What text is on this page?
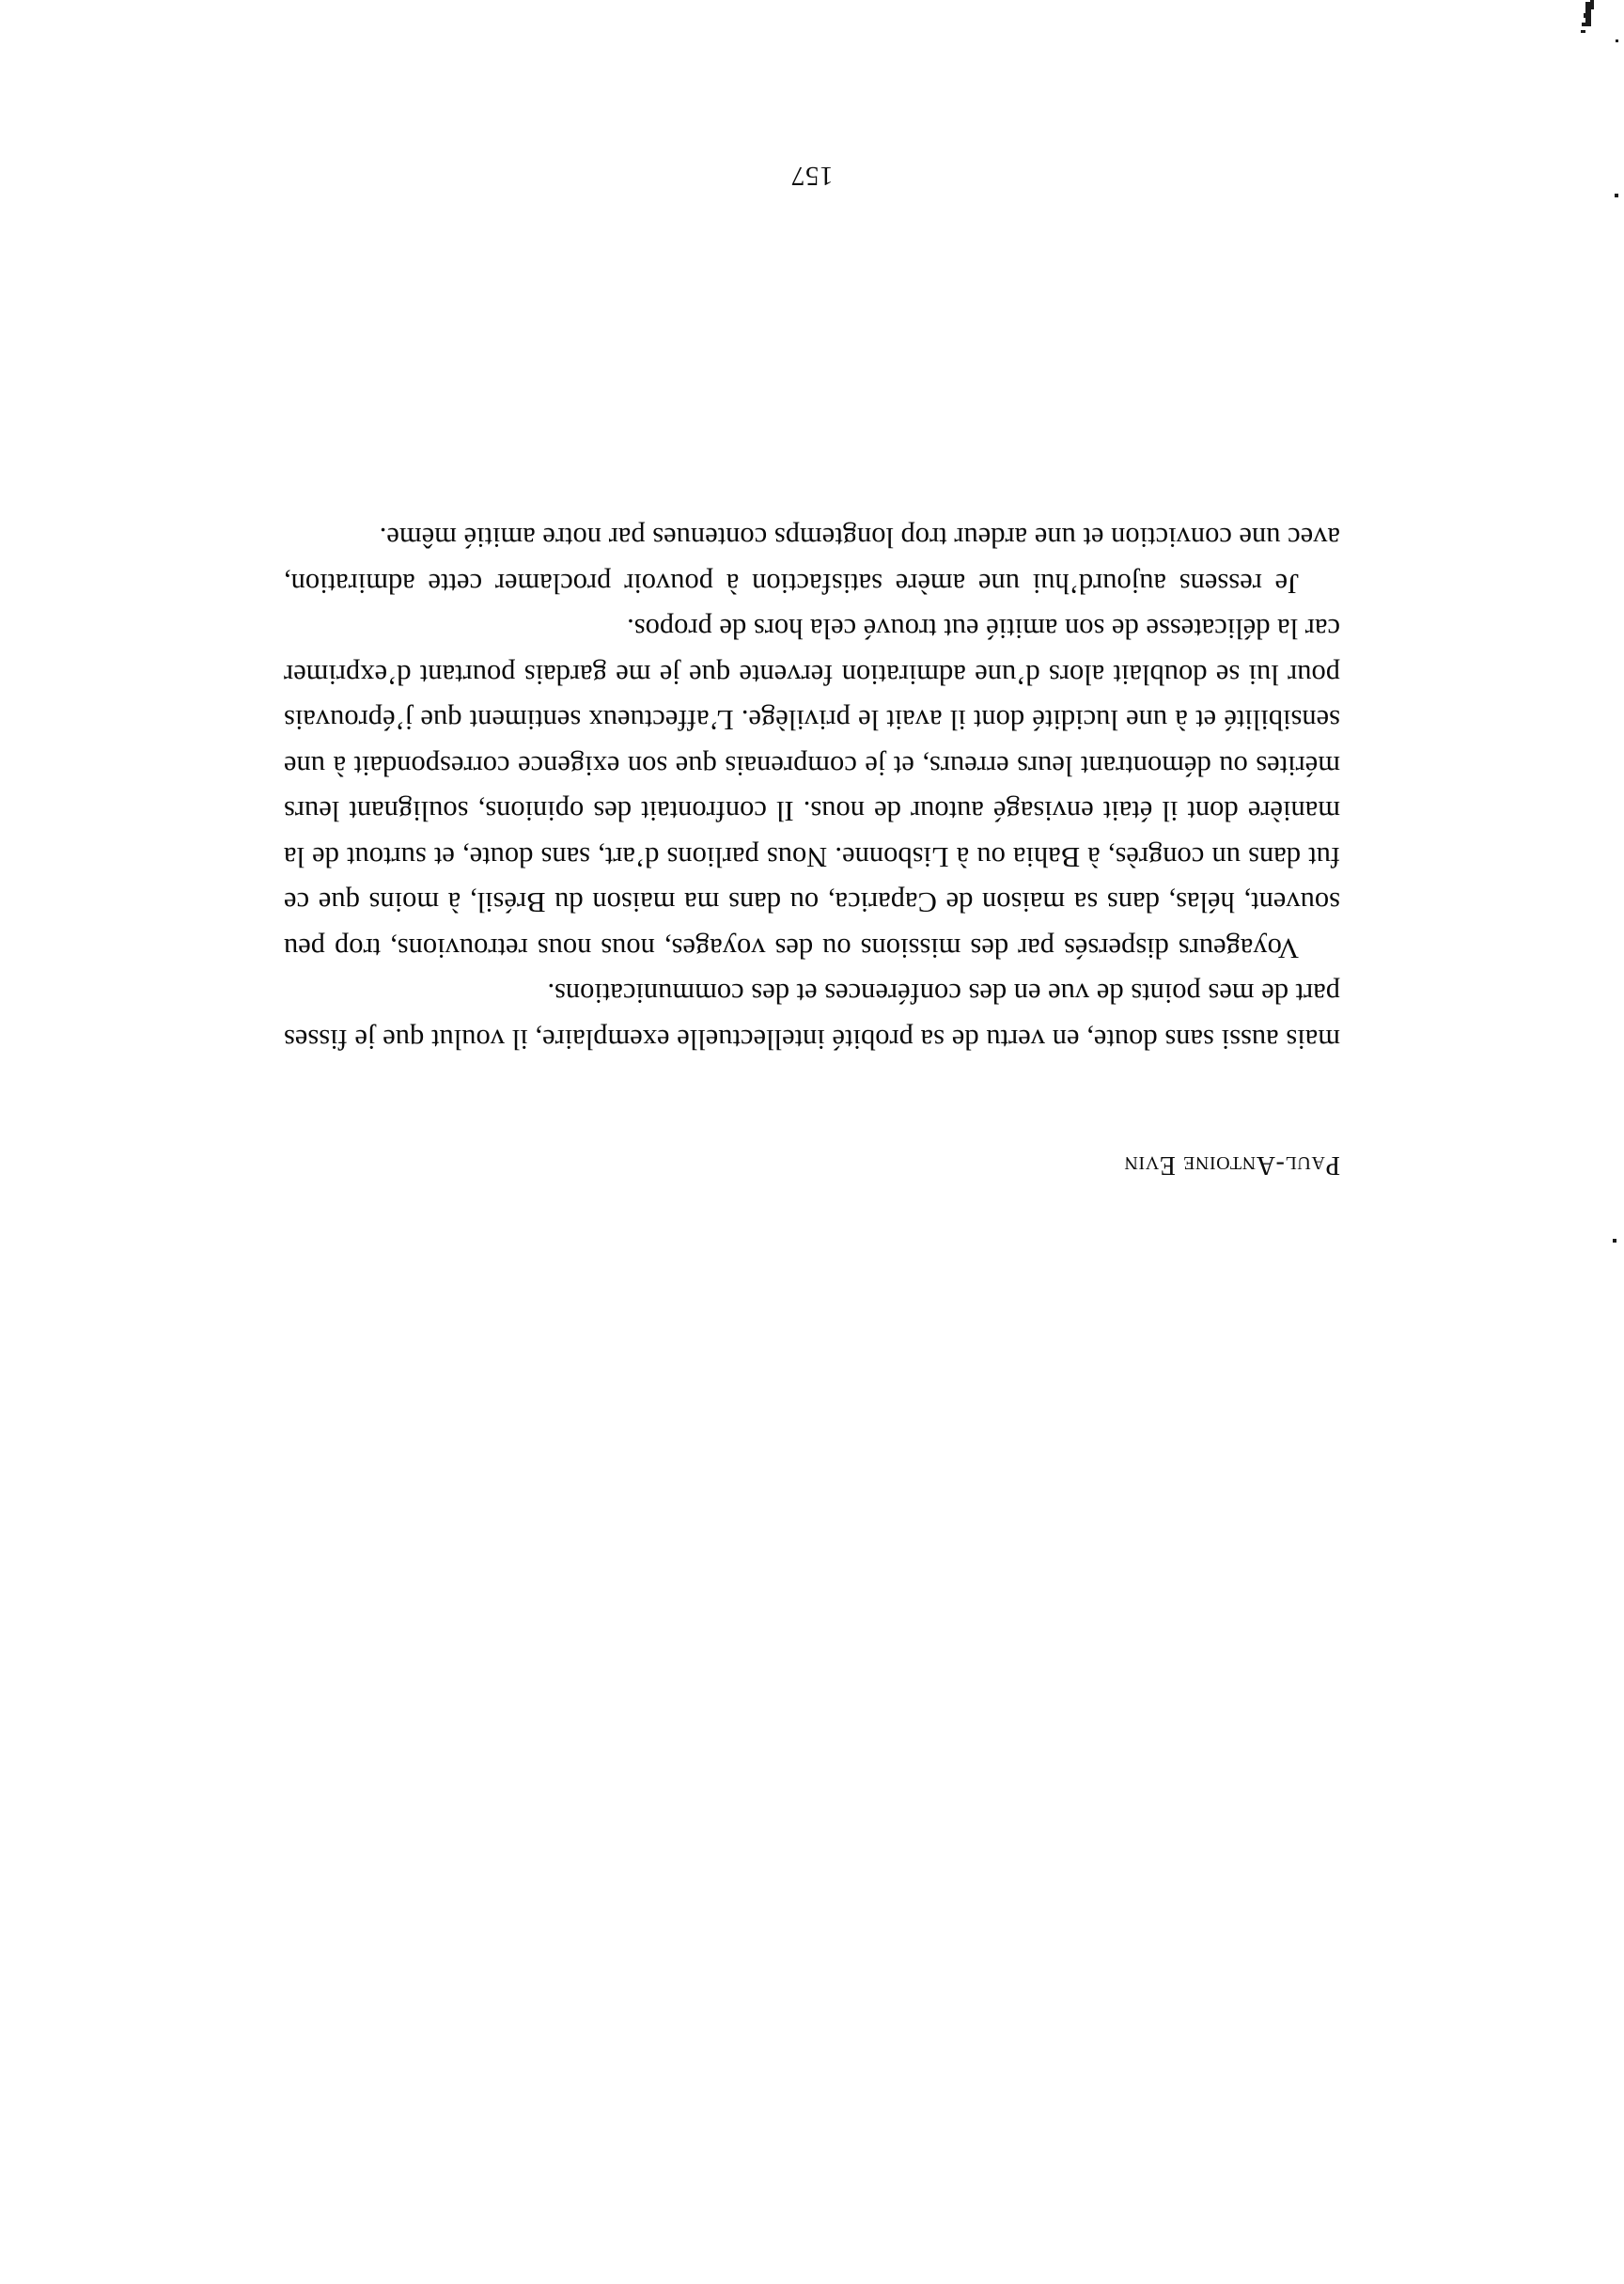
157
Paul-Antoine Evin

mais aussi sans doute, en vertu de sa probité intellectuelle exemplaire, il voulut que je fisses part de mes points de vue en des conférences et des communications.

Voyageurs dispersés par des missions ou des voyages, nous nous retrouvions, trop peu souvent, hélas, dans sa maison de Caparica, ou dans ma maison du Brésil, à moins que ce fut dans un congrès, à Bahia ou à Lisbonne. Nous parlions d’art, sans doute, et surtout de la manière dont il était envisagé autour de nous. Il confrontait des opinions, soulignant leurs mérites ou démontrant leurs erreurs, et je comprenais que son exigence correspondait à une sensibilité et à une lucidité dont il avait le privilège. L’affectueux sentiment que j’éprouvais pour lui se doublait alors d’une admiration fervente que je me gardais pourtant d’exprimer car la délicatesse de son amitié eut trouvé cela hors de propos.

Je ressens aujourd’hui une amère satisfaction à pouvoir proclamer cette admiration, avec une conviction et une ardeur trop longtemps contenues par notre amitié même.
